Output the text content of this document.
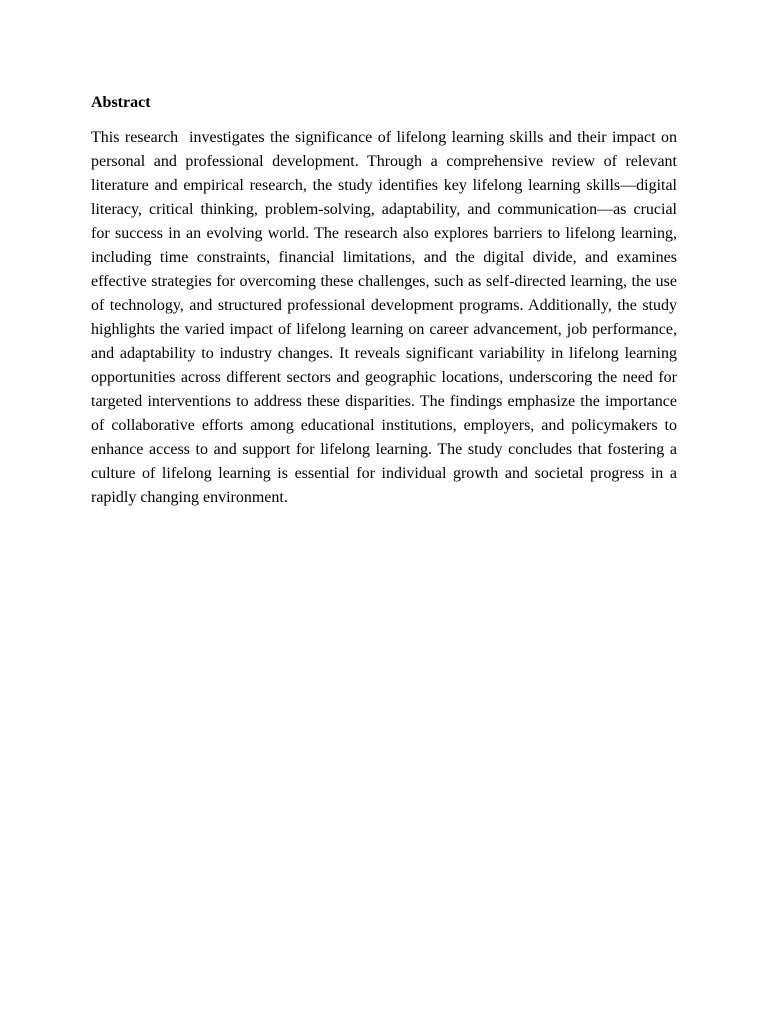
Abstract

This research  investigates the significance of lifelong learning skills and their impact on personal and professional development. Through a comprehensive review of relevant literature and empirical research, the study identifies key lifelong learning skills—digital literacy, critical thinking, problem-solving, adaptability, and communication—as crucial for success in an evolving world. The research also explores barriers to lifelong learning, including time constraints, financial limitations, and the digital divide, and examines effective strategies for overcoming these challenges, such as self-directed learning, the use of technology, and structured professional development programs. Additionally, the study highlights the varied impact of lifelong learning on career advancement, job performance, and adaptability to industry changes. It reveals significant variability in lifelong learning opportunities across different sectors and geographic locations, underscoring the need for targeted interventions to address these disparities. The findings emphasize the importance of collaborative efforts among educational institutions, employers, and policymakers to enhance access to and support for lifelong learning. The study concludes that fostering a culture of lifelong learning is essential for individual growth and societal progress in a rapidly changing environment.
